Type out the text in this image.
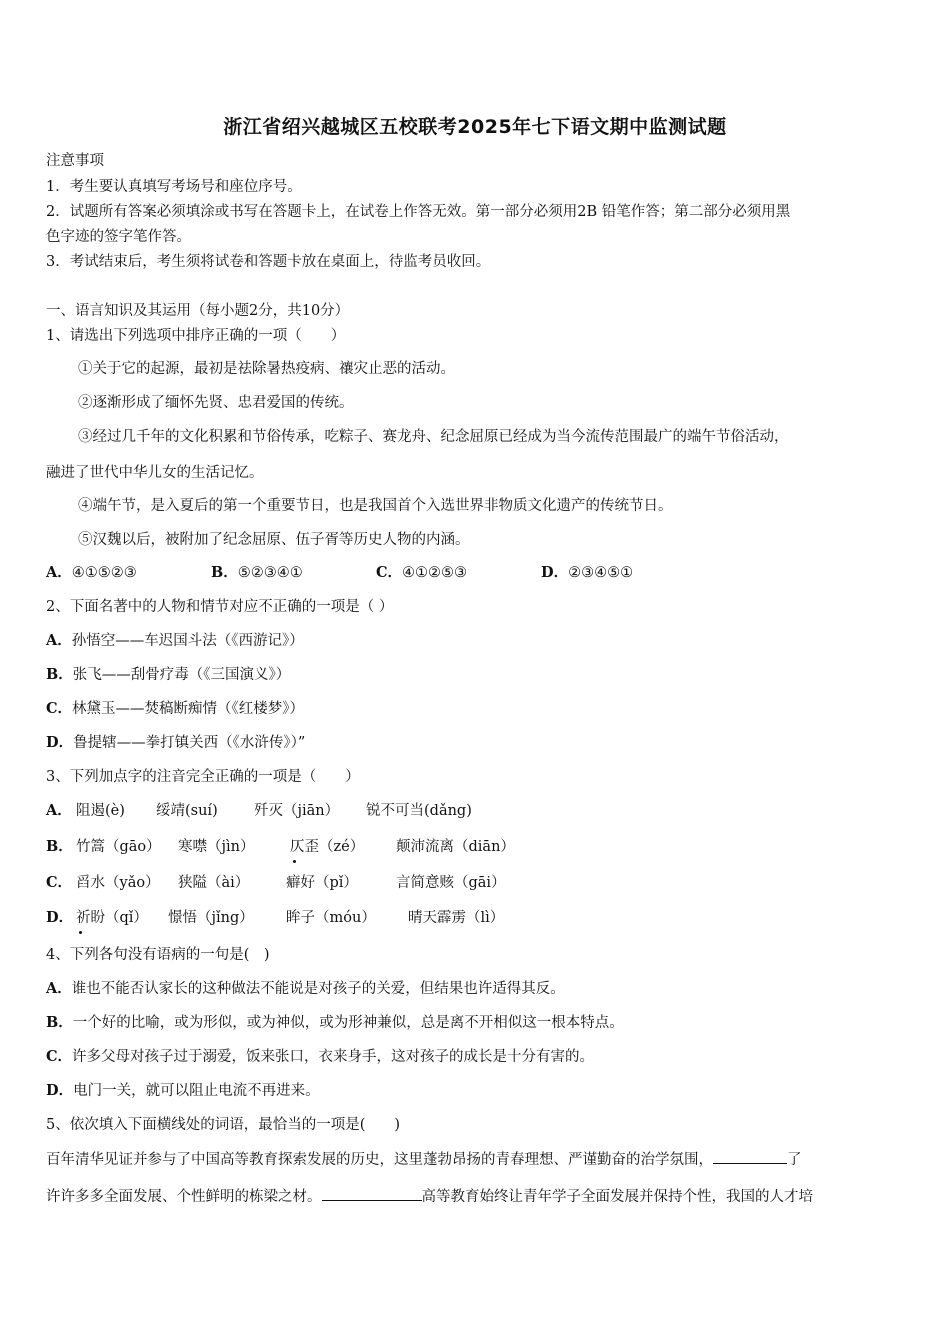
浙江省绍兴越城区五校联考2025年七下语文期中监测试题
注意事项
1．考生要认真填写考场号和座位序号。
2．试题所有答案必须填涂或书写在答题卡上，在试卷上作答无效。第一部分必须用2B 铅笔作答；第二部分必须用黑
色字迹的签字笔作答。
3．考试结束后，考生须将试卷和答题卡放在桌面上，待监考员收回。
一、语言知识及其运用（每小题2分，共10分）
1、请选出下列选项中排序正确的一项（　　）
①关于它的起源，最初是祛除暑热疫病、禳灾止恶的活动。
②逐渐形成了缅怀先贤、忠君爱国的传统。
③经过几千年的文化积累和节俗传承，吃粽子、赛龙舟、纪念屈原已经成为当今流传范围最广的端午节俗活动，
融进了世代中华儿女的生活记忆。
④端午节，是入夏后的第一个重要节日，也是我国首个入选世界非物质文化遗产的传统节日。
⑤汉魏以后，被附加了纪念屈原、伍子胥等历史人物的内涵。
A．④①⑤②③	B．⑤②③④①	C．④①②⑤③	D．②③④⑤①
2、下面名著中的人物和情节对应不正确的一项是（ ）
A．孙悟空——车迟国斗法（《西游记》）
B．张飞——刮骨疗毒（《三国演义》）
C．林黛玉——焚稿断痴情（《红楼梦》）
D．鲁提辖——拳打镇关西（《水浒传》）”
3、下列加点字的注音完全正确的一项是（　　）
A． 阻遏(è) 绥靖(suí)	歼灭（jiān） 锐不可当(dǎng)
B． 竹篙（gāo） 寒噤（jìn） 仄歪（zé） 颠沛流离（diān）
C． 舀水（yǎo） 狭隘（ài）	癖好（pǐ）	言简意赅（gāi）
D． 祈盼（qǐ） 憬悟（jǐng） 眸子（móu） 晴天霹雳（lì）
4、下列各句没有语病的一句是(　)
A．谁也不能否认家长的这种做法不能说是对孩子的关爱，但结果也许适得其反。
B．一个好的比喻，或为形似，或为神似，或为形神兼似，总是离不开相似这一根本特点。
C．许多父母对孩子过于溺爱，饭来张口，衣来身手，这对孩子的成长是十分有害的。
D．电门一关，就可以阻止电流不再进来。
5、依次填入下面横线处的词语，最恰当的一项是(　　)
百年清华见证并参与了中国高等教育探索发展的历史，这里蓬勃昂扬的青春理想、严谨勤奋的治学氛围，	了
许许多多全面发展、个性鲜明的栋梁之材。	高等教育始终让青年学子全面发展并保持个性，我国的人才培
